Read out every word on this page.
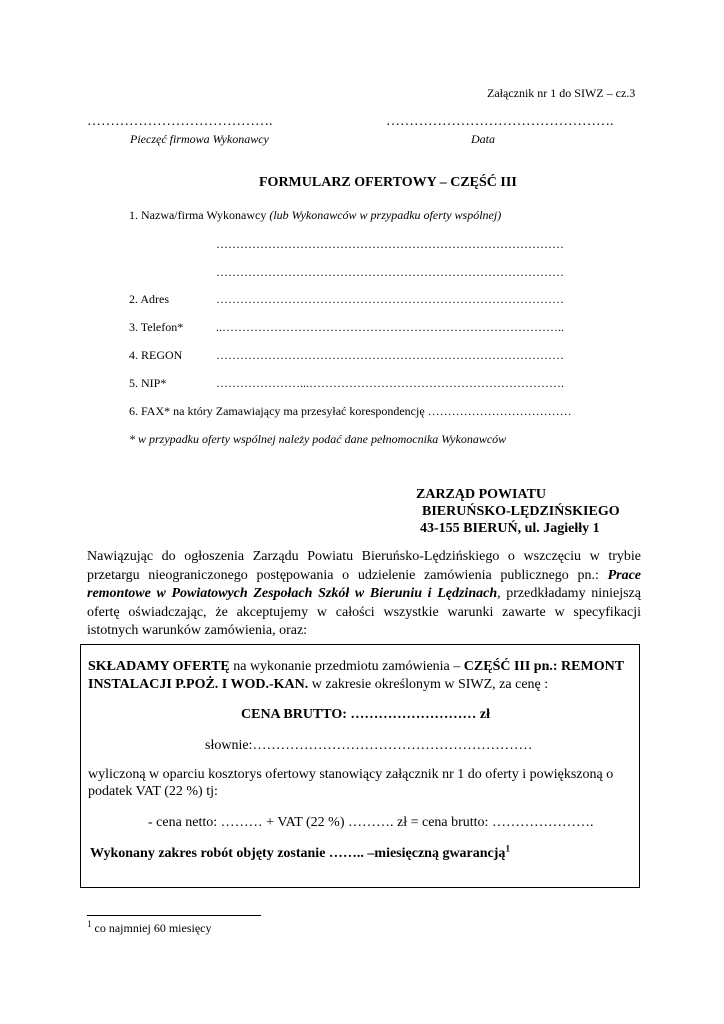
Załącznik nr 1 do SIWZ – cz.3
………………………………….
Pieczęć firmowa Wykonawcy
………………………………………….
Data
FORMULARZ OFERTOWY – CZĘŚĆ III
1. Nazwa/firma Wykonawcy (lub Wykonawców w przypadku oferty wspólnej)
……………………………………………………………………………
……………………………………………………………………………
2. Adres	……………………………………………………………………………
3. Telefon*	..…………………………………………………………………………..
4. REGON	……………………………………………………………………………
5. NIP*	…………………...……………………………………………………….
6. FAX* na który Zamawiający ma przesyłać korespondencję ………………………………
* w przypadku oferty wspólnej należy podać dane pełnomocnika Wykonawców
ZARZĄD POWIATU
BIERUŃSKO-LĘDZIŃSKIEGO
43-155 BIERUŃ, ul. Jagiełły 1
Nawiązując do ogłoszenia Zarządu Powiatu Bieruńsko-Lędzińskiego o wszczęciu w trybie przetargu nieograniczonego postępowania o udzielenie zamówienia publicznego pn.: Prace remontowe w Powiatowych Zespołach Szkół w Bieruniu i Lędzinach, przedkładamy niniejszą ofertę oświadczając, że akceptujemy w całości wszystkie warunki zawarte w specyfikacji istotnych warunków zamówienia, oraz:
SKŁADAMY OFERTĘ na wykonanie przedmiotu zamówienia – CZĘŚĆ III pn.: REMONT
INSTALACJI P.POŻ. I WOD.-KAN. w zakresie określonym w SIWZ, za cenę :
CENA BRUTTO: ……………………… zł
słownie:……………………………………………………
wyliczoną w oparciu kosztorys ofertowy stanowiący załącznik nr 1 do oferty i powiększoną o
podatek VAT (22 %) tj:
- cena netto: ……… + VAT (22 %) ………. zł = cena brutto: ………………….
Wykonany zakres robót objęty zostanie …….. –miesięczną gwarancją$^1$
$^1$ co najmniej 60 miesięcy
